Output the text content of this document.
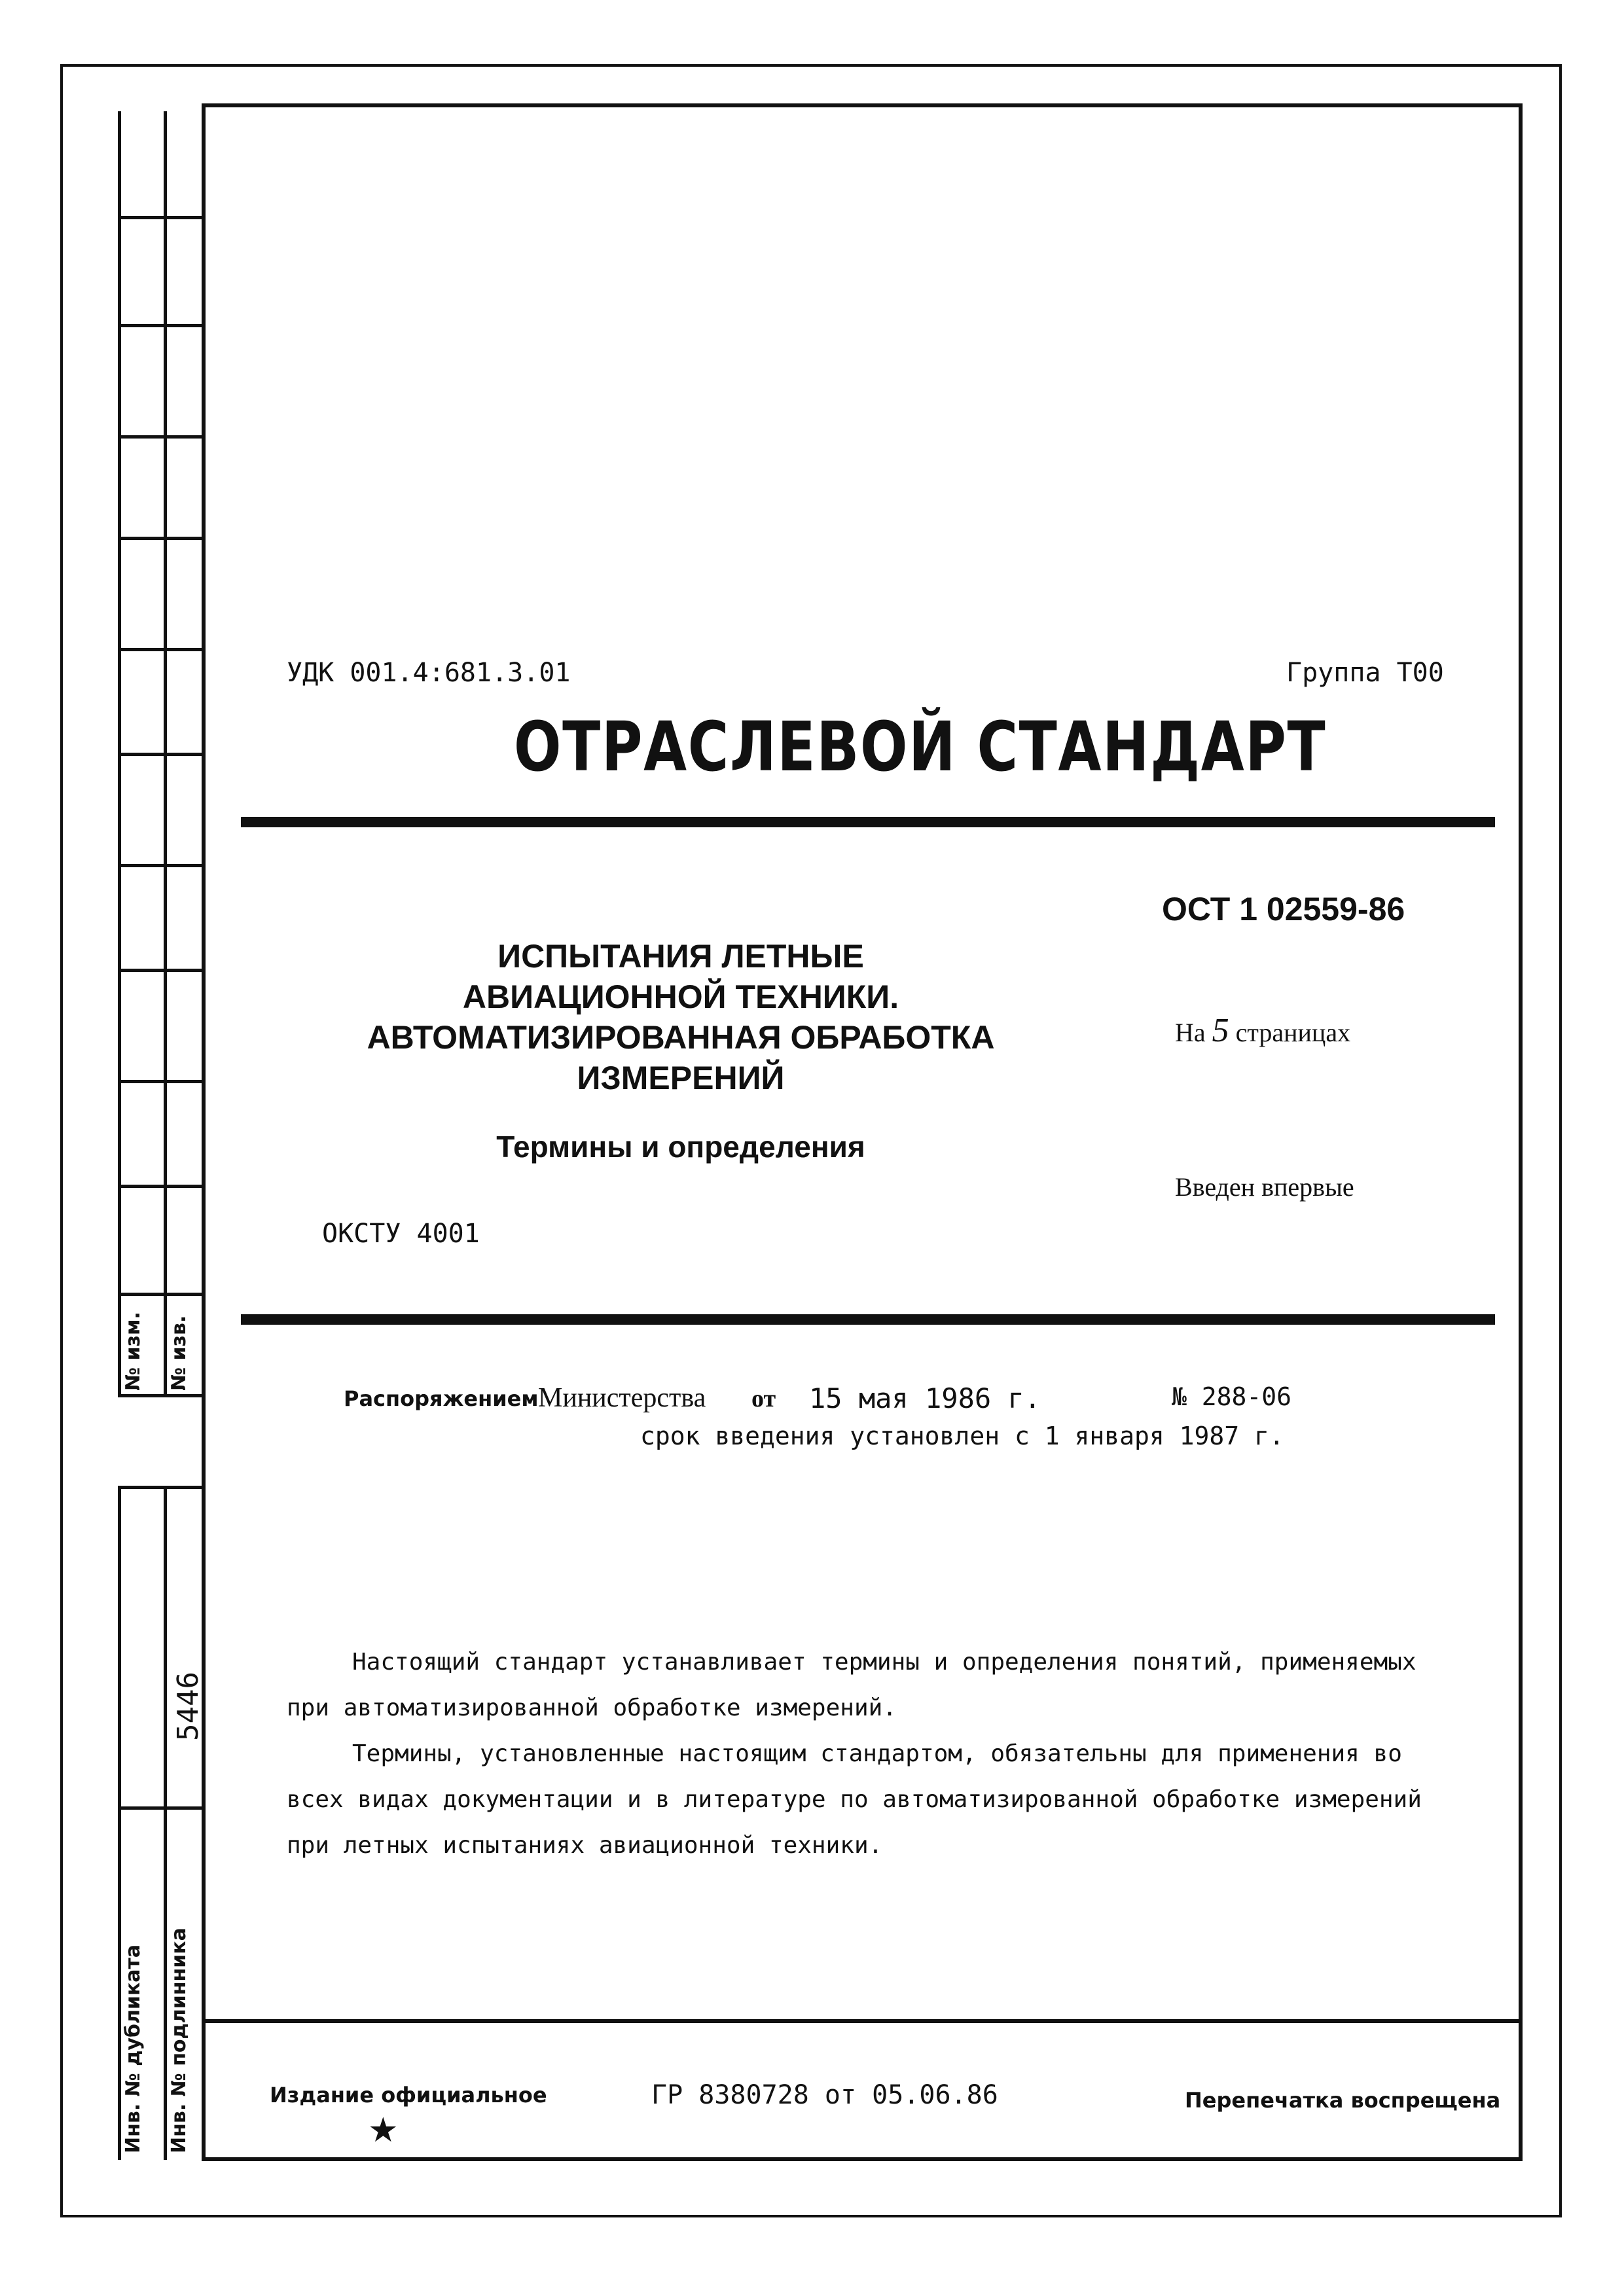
№ изм. № изв.
5446
Инв. № дубликата Инв. № подлинника
УДК 001.4:681.3.01	Группа Т00
ОТРАСЛЕВОЙ СТАНДАРТ
ОСТ 1 02559-86
ИСПЫТАНИЯ ЛЕТНЫЕ
АВИАЦИОННОЙ ТЕХНИКИ.
АВТОМАТИЗИРОВАННАЯ ОБРАБОТКА
ИЗМЕРЕНИЙ
Термины и определения
На 5 страницах
Введен впервые
ОКСТУ 4001
Распоряжением Министерства от 15 мая 1986 г.	№ 288-06
срок введения установлен с 1 января 1987 г.
Настоящий стандарт устанавливает термины и определения понятий, применяемых при автоматизированной обработке измерений.
Термины, установленные настоящим стандартом, обязательны для применения во всех видах документации и в литературе по автоматизированной обработке измерений при летных испытаниях авиационной техники.
Издание официальное
★
ГР 8380728 от 05.06.86	Перепечатка воспрещена
